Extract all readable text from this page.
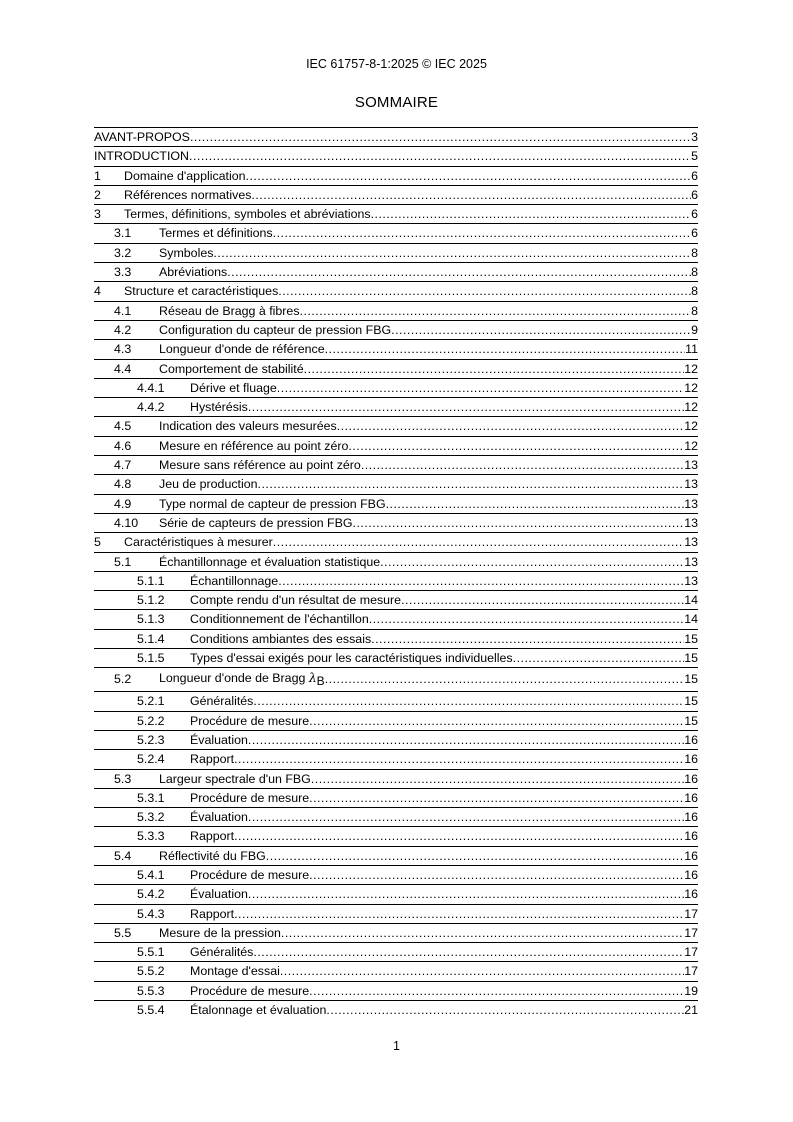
IEC 61757-8-1:2025 © IEC 2025
SOMMAIRE
AVANT-PROPOS .....	3
INTRODUCTION .....	5
1	Domaine d'application .....	6
2	Références normatives .....	6
3	Termes, définitions, symboles et abréviations .....	6
3.1	Termes et définitions .....	6
3.2	Symboles .....	8
3.3	Abréviations .....	8
4	Structure et caractéristiques .....	8
4.1	Réseau de Bragg à fibres .....	8
4.2	Configuration du capteur de pression FBG .....	9
4.3	Longueur d'onde de référence .....	11
4.4	Comportement de stabilité .....	12
4.4.1	Dérive et fluage .....	12
4.4.2	Hystérésis .....	12
4.5	Indication des valeurs mesurées .....	12
4.6	Mesure en référence au point zéro .....	12
4.7	Mesure sans référence au point zéro .....	13
4.8	Jeu de production .....	13
4.9	Type normal de capteur de pression FBG .....	13
4.10	Série de capteurs de pression FBG .....	13
5	Caractéristiques à mesurer .....	13
5.1	Échantillonnage et évaluation statistique .....	13
5.1.1	Échantillonnage .....	13
5.1.2	Compte rendu d'un résultat de mesure .....	14
5.1.3	Conditionnement de l'échantillon .....	14
5.1.4	Conditions ambiantes des essais .....	15
5.1.5	Types d'essai exigés pour les caractéristiques individuelles .....	15
5.2	Longueur d'onde de Bragg $\lambda_B$ .....	15
5.2.1	Généralités .....	15
5.2.2	Procédure de mesure .....	15
5.2.3	Évaluation .....	16
5.2.4	Rapport .....	16
5.3	Largeur spectrale d'un FBG .....	16
5.3.1	Procédure de mesure .....	16
5.3.2	Évaluation .....	16
5.3.3	Rapport .....	16
5.4	Réflectivité du FBG .....	16
5.4.1	Procédure de mesure .....	16
5.4.2	Évaluation .....	16
5.4.3	Rapport .....	17
5.5	Mesure de la pression .....	17
5.5.1	Généralités .....	17
5.5.2	Montage d'essai .....	17
5.5.3	Procédure de mesure .....	19
5.5.4	Étalonnage et évaluation .....	21
1
